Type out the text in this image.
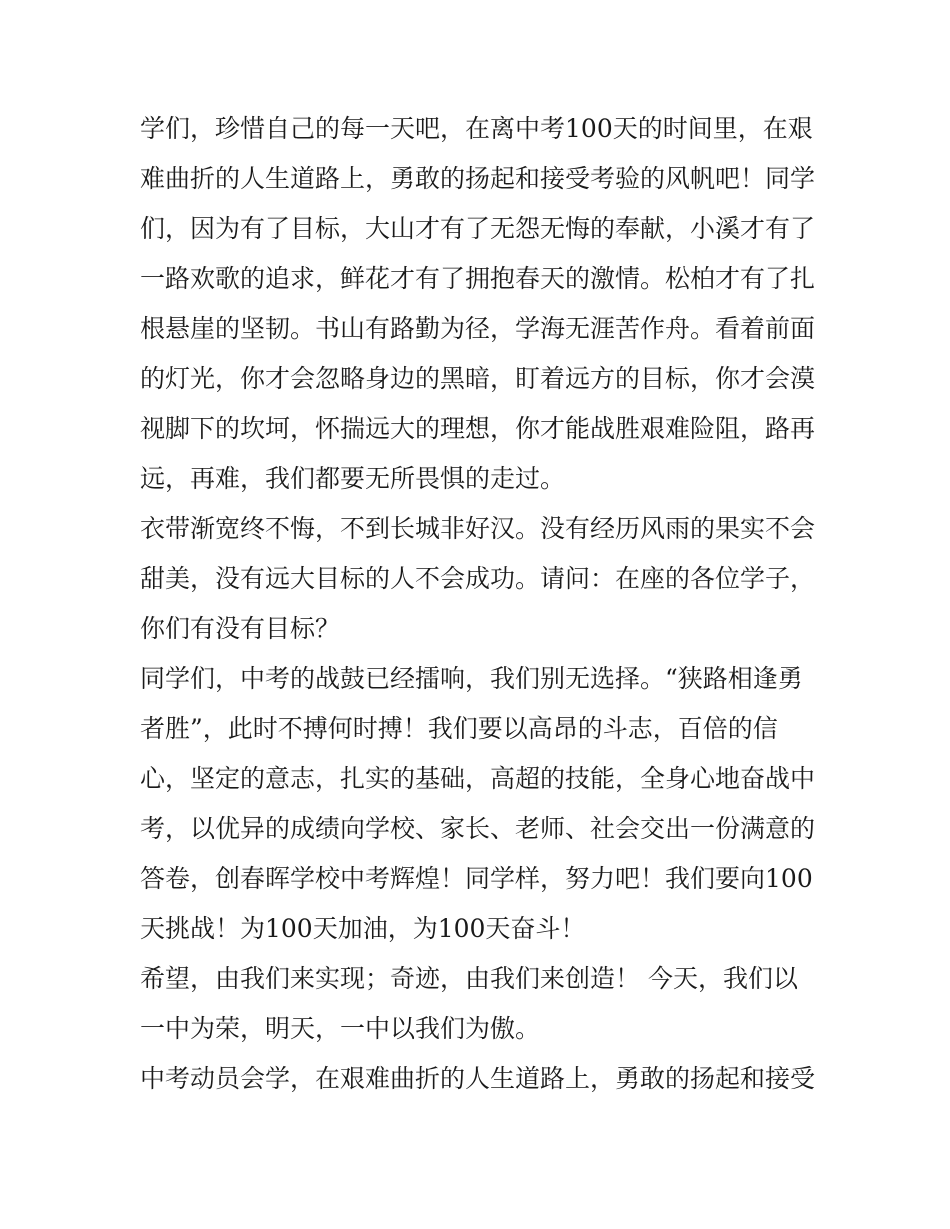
学们，珍惜自己的每一天吧，在离中考100天的时间里，在艰
难曲折的人生道路上，勇敢的扬起和接受考验的风帆吧！同学
们，因为有了目标，大山才有了无怨无悔的奉献，小溪才有了
一路欢歌的追求，鲜花才有了拥抱春天的激情。松柏才有了扎
根悬崖的坚韧。书山有路勤为径，学海无涯苦作舟。看着前面
的灯光，你才会忽略身边的黑暗，盯着远方的目标，你才会漠
视脚下的坎坷，怀揣远大的理想，你才能战胜艰难险阻，路再
远，再难，我们都要无所畏惧的走过。
衣带渐宽终不悔，不到长城非好汉。没有经历风雨的果实不会
甜美，没有远大目标的人不会成功。请问：在座的各位学子，
你们有没有目标？
同学们，中考的战鼓已经擂响，我们别无选择。“狭路相逢勇
者胜”，此时不搏何时搏！我们要以高昂的斗志，百倍的信
心，坚定的意志，扎实的基础，高超的技能，全身心地奋战中
考，以优异的成绩向学校、家长、老师、社会交出一份满意的
答卷，创春晖学校中考辉煌！同学样，努力吧！我们要向100
天挑战！为100天加油，为100天奋斗！
希望，由我们来实现；奇迹，由我们来创造！ 今天，我们以
一中为荣，明天，一中以我们为傲。
中考动员会学，在艰难曲折的人生道路上，勇敢的扬起和接受
